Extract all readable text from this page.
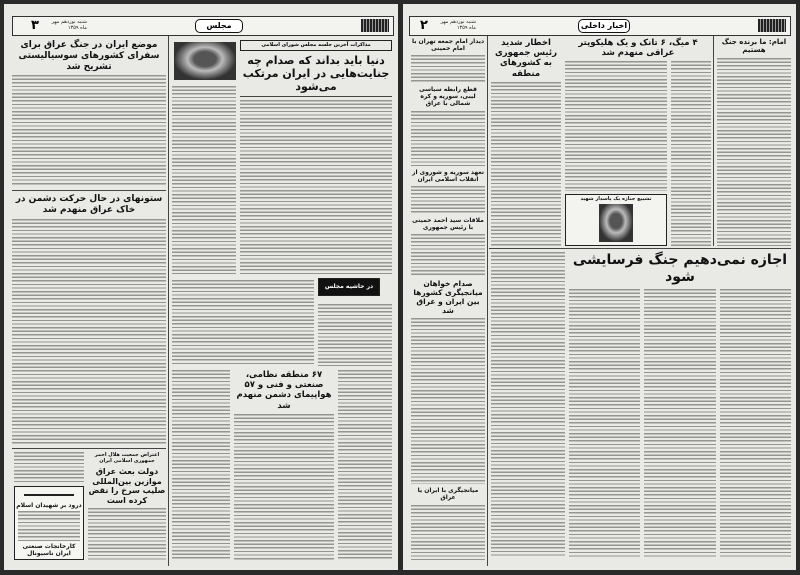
۳	شنبه نوزدهم مهر ماه ۱۳۵۹	مجلس
موضع ایران در جنگ عراق برای سفرای کشورهای سوسیالیستی تشریح شد
ستونهای در حال حرکت دشمن در خاک عراق منهدم شد
اعتراض جمعیت هلال احمر جمهوری اسلامی ایران
دولت بعث عراق موازین بین‌المللی صلیب سرخ را نقض کرده است
درود بر شهیدان اسلام
کارخانجات صنعتی ایران ناسیونال
مذاکرات آخرین جلسه مجلس شورای اسلامی
دنیا باید بداند که صدام چه جنایت‌هایی در ایران مرتکب می‌شود
در حاشیه مجلس
۶۷ منطقه نظامی، صنعتی و فنی و ۵۷ هواپیمای دشمن منهدم شد
۲	شنبه نوزدهم مهر ماه ۱۳۵۹	اخبار داخلی
دیدار امام جمعه تهران با امام خمینی
قطع رابطه سیاسی لیبی، سوریه و کره شمالی با عراق
تعهد سوریه و شوروی از انقلاب اسلامی ایران
ملاقات سید احمد خمینی با رئیس جمهوری
صدام خواهان میانجیگری کشورها بین ایران و عراق شد
میانجیگری با ایران یا عراق
اخطار شدید رئیس جمهوری به کشورهای منطقه
۴ میگ، ۶ تانک و یک هلیکوپتر عراقی منهدم شد
تشییع جنازه یک پاسدار شهید
امام: ما برنده جنگ هستیم
اجازه نمی‌دهیم جنگ فرسایشی شود
